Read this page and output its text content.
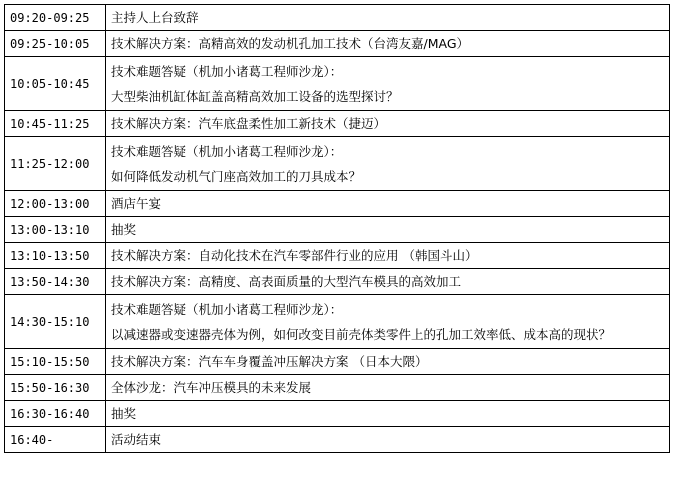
09:20-09:25	主持人上台致辞

09:25-10:05	技术解决方案：高精高效的发动机孔加工技术（台湾友嘉/MAG）

10:05-10:45	技术难题答疑（机加小诸葛工程师沙龙）：
大型柴油机缸体缸盖高精高效加工设备的选型探讨？

10:45-11:25	技术解决方案：汽车底盘柔性加工新技术（捷迈）

11:25-12:00	技术难题答疑（机加小诸葛工程师沙龙）：
如何降低发动机气门座高效加工的刀具成本？

12:00-13:00	酒店午宴

13:00-13:10	抽奖

13:10-13:50	技术解决方案：自动化技术在汽车零部件行业的应用 （韩国斗山）

13:50-14:30	技术解决方案：高精度、高表面质量的大型汽车模具的高效加工

14:30-15:10	技术难题答疑（机加小诸葛工程师沙龙）：
以减速器或变速器壳体为例，如何改变目前壳体类零件上的孔加工效率低、成本高的现状？

15:10-15:50	技术解决方案：汽车车身覆盖冲压解决方案 （日本大隈）

15:50-16:30	全体沙龙：汽车冲压模具的未来发展

16:30-16:40	抽奖

16:40-	活动结束
